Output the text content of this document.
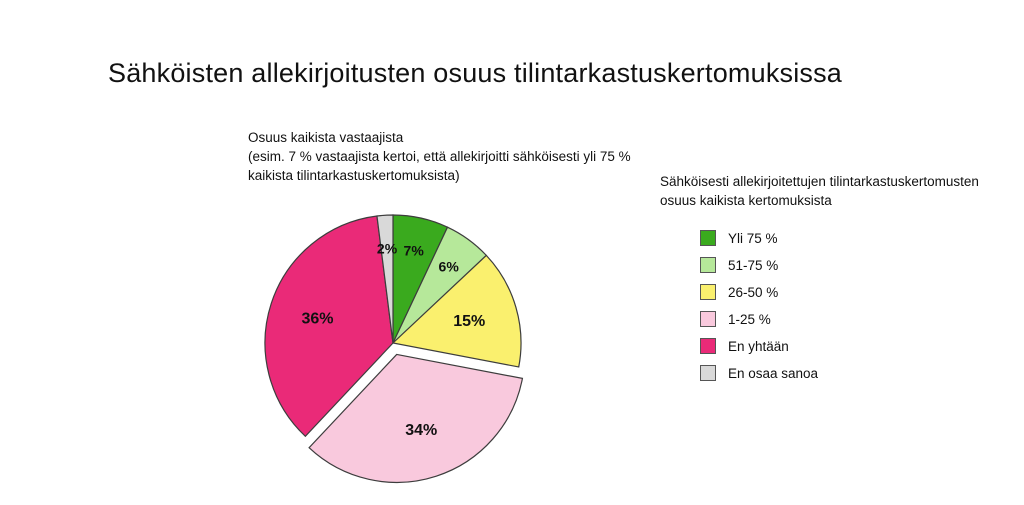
Sähköisten allekirjoitusten osuus tilintarkastuskertomuksissa
Osuus kaikista vastaajista
(esim. 7 % vastaajista kertoi, että allekirjoitti sähköisesti yli 75 % kaikista tilintarkastuskertomuksista)
7%
6%
15%
34%
36%
2%
Sähköisesti allekirjoitettujen tilintarkastuskertomusten osuus kaikista kertomuksista
Yli 75 %
51-75 %
26-50 %
1-25 %
En yhtään
En osaa sanoa
